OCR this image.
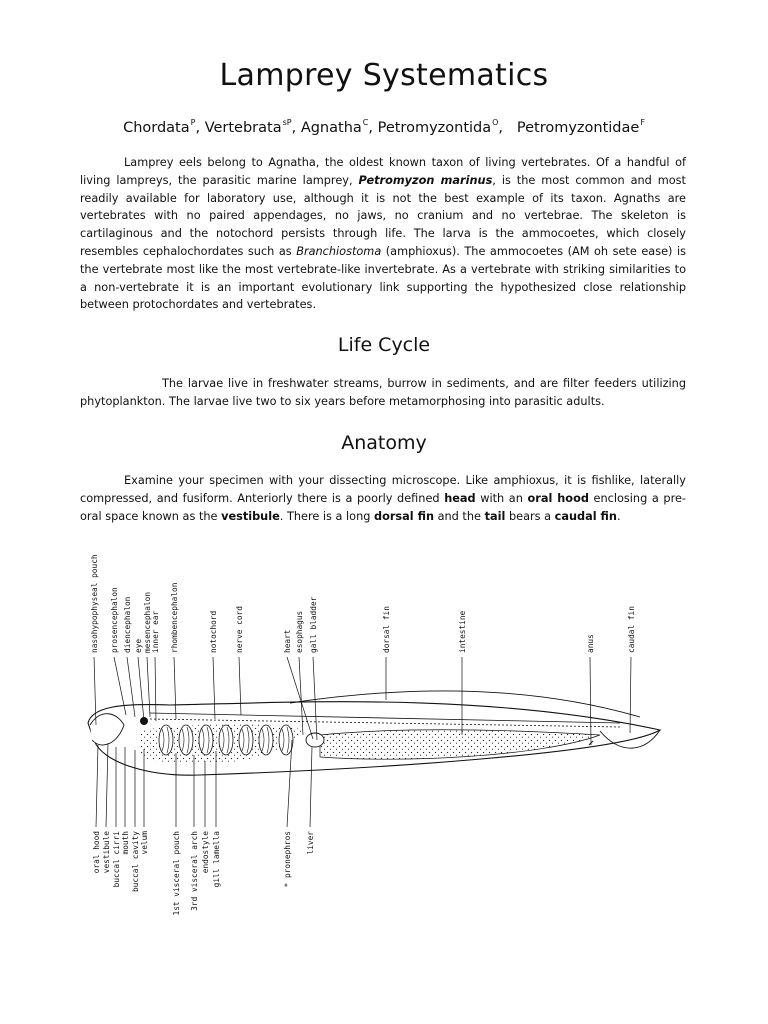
Lamprey Systematics
Chordata$^P$, Vertebrata$^{sP}$, Agnatha$^C$, Petromyzontida$^O$,   Petromyzontidae$^F$

Lamprey eels belong to Agnatha, the oldest known taxon of living vertebrates. Of a handful of living lampreys, the parasitic marine lamprey, Petromyzon marinus, is the most common and most readily available for laboratory use, although it is not the best example of its taxon. Agnaths are vertebrates with no paired appendages, no jaws, no cranium and no vertebrae. The skeleton is cartilaginous and the notochord persists through life. The larva is the ammocoetes, which closely resembles cephalochordates such as Branchiostoma (amphioxus). The ammocoetes (AM oh sete ease) is the vertebrate most like the most vertebrate-like invertebrate. As a vertebrate with striking similarities to a non-vertebrate it is an important evolutionary link supporting the hypothesized close relationship between protochordates and vertebrates.

Life Cycle

The larvae live in freshwater streams, burrow in sediments, and are filter feeders utilizing phytoplankton. The larvae live two to six years before metamorphosing into parasitic adults.

Anatomy

Examine your specimen with your dissecting microscope. Like amphioxus, it is fishlike, laterally compressed, and fusiform. Anteriorly there is a poorly defined head with an oral hood enclosing a pre-oral space known as the vestibule. There is a long dorsal fin and the tail bears a caudal fin.

nasohypophyseal pouch prosencephalon diencephalon eye mesencephalon inner ear rhombencephalon	notochord nerve cord	heart esophagus gall bladder	dorsal fin	intestine	anus	caudal fin
oral hood vestibule buccal cirri mouth buccal cavity velum	1st visceral pouch 3rd visceral arch endostyle gill lamella	* pronephros liver
